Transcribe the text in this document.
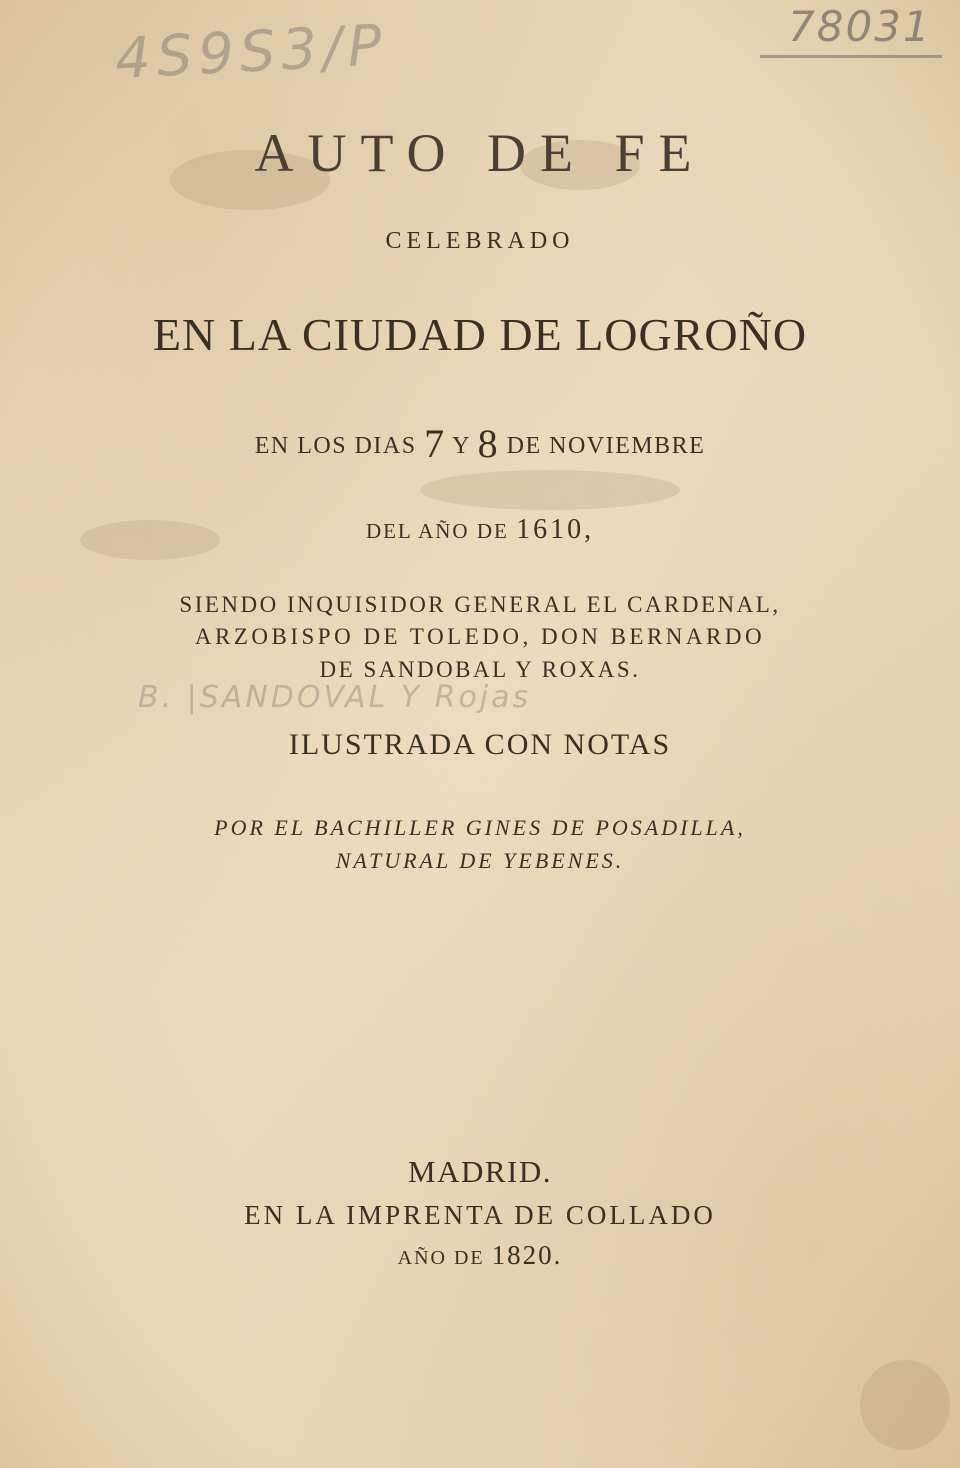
4S9S3/P	78031
B. |SANDOVAL Y Rojas
AUTO DE FE
CELEBRADO
EN LA CIUDAD DE LOGROÑO
EN LOS DIAS 7 Y 8 DE NOVIEMBRE
DEL AÑO DE 1610,
SIENDO INQUISIDOR GENERAL EL CARDENAL,
ARZOBISPO DE TOLEDO, DON BERNARDO
DE SANDOBAL Y ROXAS.
ILUSTRADA CON NOTAS
POR EL BACHILLER GINES DE POSADILLA,
NATURAL DE YEBENES.
MADRID.
EN LA IMPRENTA DE COLLADO
AÑO DE 1820.
